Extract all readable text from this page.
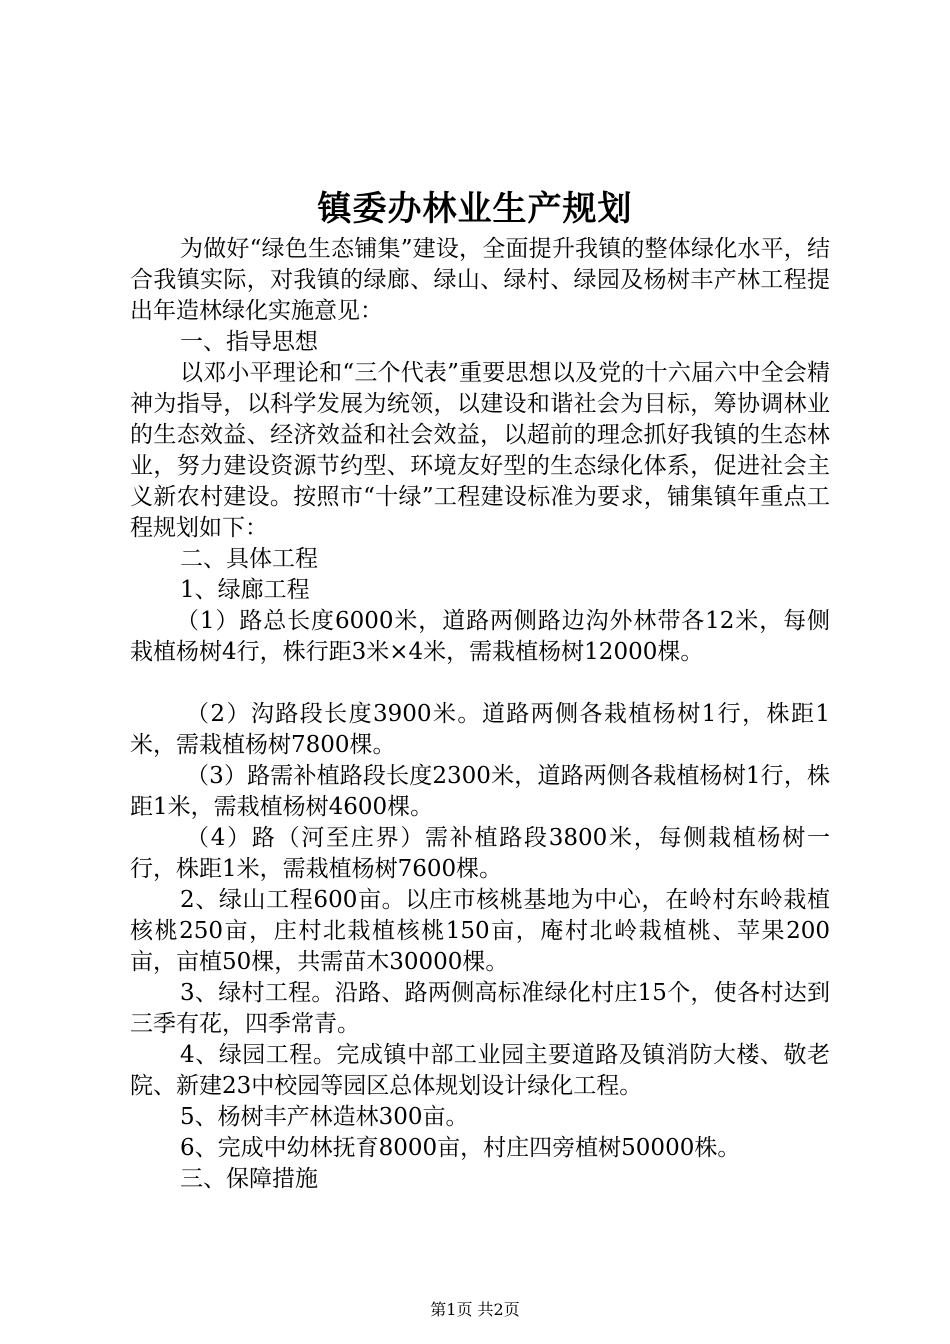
镇委办林业生产规划

为做好“绿色生态铺集”建设，全面提升我镇的整体绿化水平，结合我镇实际，对我镇的绿廊、绿山、绿村、绿园及杨树丰产林工程提出年造林绿化实施意见：

一、指导思想

以邓小平理论和“三个代表”重要思想以及党的十六届六中全会精神为指导，以科学发展为统领，以建设和谐社会为目标，筹协调林业的生态效益、经济效益和社会效益，以超前的理念抓好我镇的生态林业，努力建设资源节约型、环境友好型的生态绿化体系，促进社会主义新农村建设。按照市“十绿”工程建设标准为要求，铺集镇年重点工程规划如下：

二、具体工程

1、绿廊工程

（1）路总长度6000米，道路两侧路边沟外林带各12米，每侧栽植杨树4行，株行距3米×4米，需栽植杨树12000棵。

（2）沟路段长度3900米。道路两侧各栽植杨树1行，株距1米，需栽植杨树7800棵。

（3）路需补植路段长度2300米，道路两侧各栽植杨树1行，株距1米，需栽植杨树4600棵。

（4）路（河至庄界）需补植路段3800米，每侧栽植杨树一行，株距1米，需栽植杨树7600棵。

2、绿山工程600亩。以庄市核桃基地为中心，在岭村东岭栽植核桃250亩，庄村北栽植核桃150亩，庵村北岭栽植桃、苹果200亩，亩植50棵，共需苗木30000棵。

3、绿村工程。沿路、路两侧高标准绿化村庄15个，使各村达到三季有花，四季常青。

4、绿园工程。完成镇中部工业园主要道路及镇消防大楼、敬老院、新建23中校园等园区总体规划设计绿化工程。

5、杨树丰产林造林300亩。

6、完成中幼林抚育8000亩，村庄四旁植树50000株。

三、保障措施

第1页 共2页
